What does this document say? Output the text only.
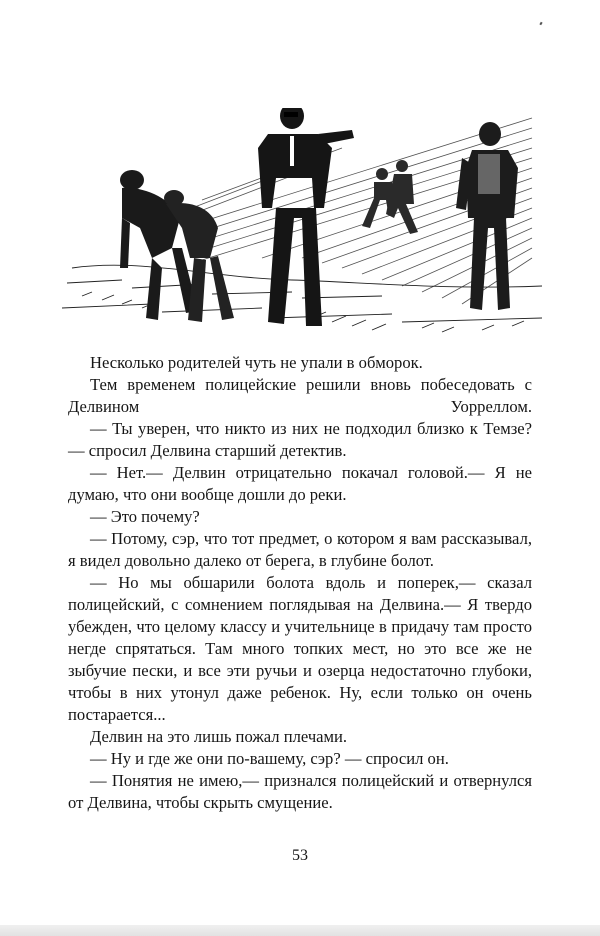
Несколько родителей чуть не упали в обморок.

Тем временем полицейские решили вновь побеседовать с Делвином Уорреллом.

— Ты уверен, что никто из них не подходил близко к Темзе? — спросил Делвина старший детектив.

— Нет.— Делвин отрицательно покачал головой.— Я не думаю, что они вообще дошли до реки.

— Это почему?

— Потому, сэр, что тот предмет, о котором я вам рассказывал, я видел довольно далеко от берега, в глубине болот.

— Но мы обшарили болота вдоль и поперек,— сказал полицейский, с сомнением поглядывая на Делвина.— Я твердо убежден, что целому классу и учительнице в придачу там просто негде спрятаться. Там много топких мест, но это все же не зыбучие пески, и все эти ручьи и озерца недостаточно глубоки, чтобы в них утонул даже ребенок. Ну, если только он очень постарается...

Делвин на это лишь пожал плечами.

— Ну и где же они по-вашему, сэр? — спросил он.

— Понятия не имею,— признался полицейский и отвернулся от Делвина, чтобы скрыть смущение.

53
